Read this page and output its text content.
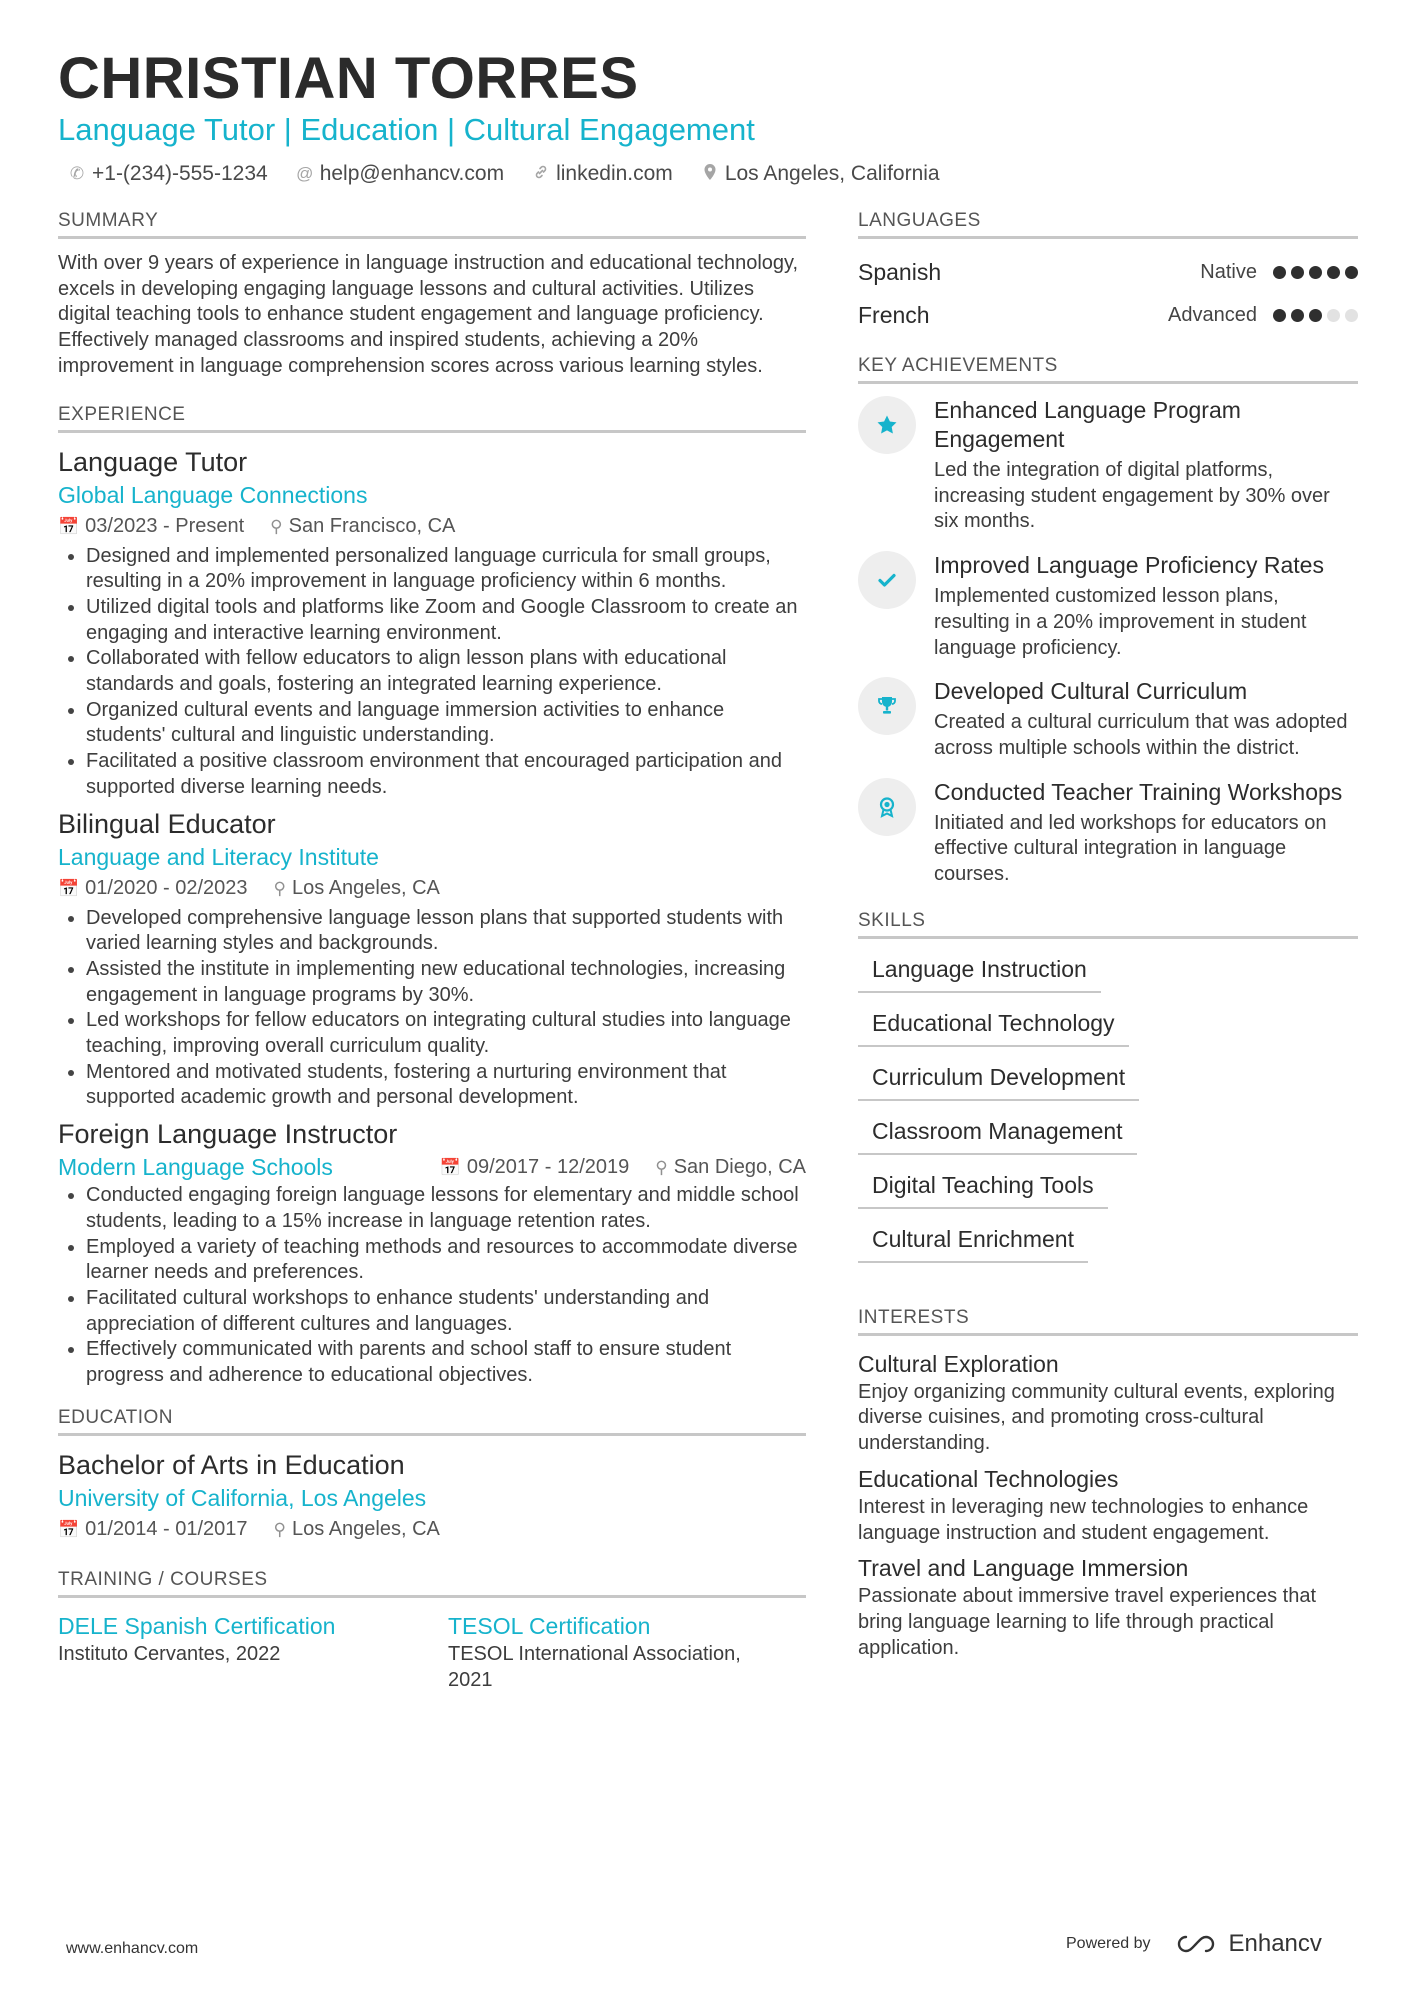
CHRISTIAN TORRES
Language Tutor | Education | Cultural Engagement
✆ +1-(234)-555-1234 @ help@enhancv.com linkedin.com Los Angeles, California
SUMMARY
With over 9 years of experience in language instruction and educational technology, excels in developing engaging language lessons and cultural activities. Utilizes digital teaching tools to enhance student engagement and language proficiency. Effectively managed classrooms and inspired students, achieving a 20% improvement in language comprehension scores across various learning styles.
EXPERIENCE
Language Tutor
Global Language Connections
📅 03/2023 - Present ⚲ San Francisco, CA
• Designed and implemented personalized language curricula for small groups, resulting in a 20% improvement in language proficiency within 6 months.
• Utilized digital tools and platforms like Zoom and Google Classroom to create an engaging and interactive learning environment.
• Collaborated with fellow educators to align lesson plans with educational standards and goals, fostering an integrated learning experience.
• Organized cultural events and language immersion activities to enhance students' cultural and linguistic understanding.
• Facilitated a positive classroom environment that encouraged participation and supported diverse learning needs.
Bilingual Educator
Language and Literacy Institute
📅 01/2020 - 02/2023 ⚲ Los Angeles, CA
• Developed comprehensive language lesson plans that supported students with varied learning styles and backgrounds.
• Assisted the institute in implementing new educational technologies, increasing engagement in language programs by 30%.
• Led workshops for fellow educators on integrating cultural studies into language teaching, improving overall curriculum quality.
• Mentored and motivated students, fostering a nurturing environment that supported academic growth and personal development.
Foreign Language Instructor
Modern Language Schools	📅 09/2017 - 12/2019 ⚲ San Diego, CA
• Conducted engaging foreign language lessons for elementary and middle school students, leading to a 15% increase in language retention rates.
• Employed a variety of teaching methods and resources to accommodate diverse learner needs and preferences.
• Facilitated cultural workshops to enhance students' understanding and appreciation of different cultures and languages.
• Effectively communicated with parents and school staff to ensure student progress and adherence to educational objectives.
EDUCATION
Bachelor of Arts in Education
University of California, Los Angeles
📅 01/2014 - 01/2017 ⚲ Los Angeles, CA
TRAINING / COURSES
DELE Spanish Certification
Instituto Cervantes, 2022
TESOL Certification
TESOL International Association, 2021
LANGUAGES
Spanish	Native
French	Advanced
KEY ACHIEVEMENTS
Enhanced Language Program Engagement
Led the integration of digital platforms, increasing student engagement by 30% over six months.
Improved Language Proficiency Rates
Implemented customized lesson plans, resulting in a 20% improvement in student language proficiency.
Developed Cultural Curriculum
Created a cultural curriculum that was adopted across multiple schools within the district.
Conducted Teacher Training Workshops
Initiated and led workshops for educators on effective cultural integration in language courses.
SKILLS
Language Instruction
Educational Technology
Curriculum Development
Classroom Management
Digital Teaching Tools
Cultural Enrichment
INTERESTS
Cultural Exploration
Enjoy organizing community cultural events, exploring diverse cuisines, and promoting cross-cultural understanding.
Educational Technologies
Interest in leveraging new technologies to enhance language instruction and student engagement.
Travel and Language Immersion
Passionate about immersive travel experiences that bring language learning to life through practical application.
www.enhancv.com	Powered by	Enhancv
